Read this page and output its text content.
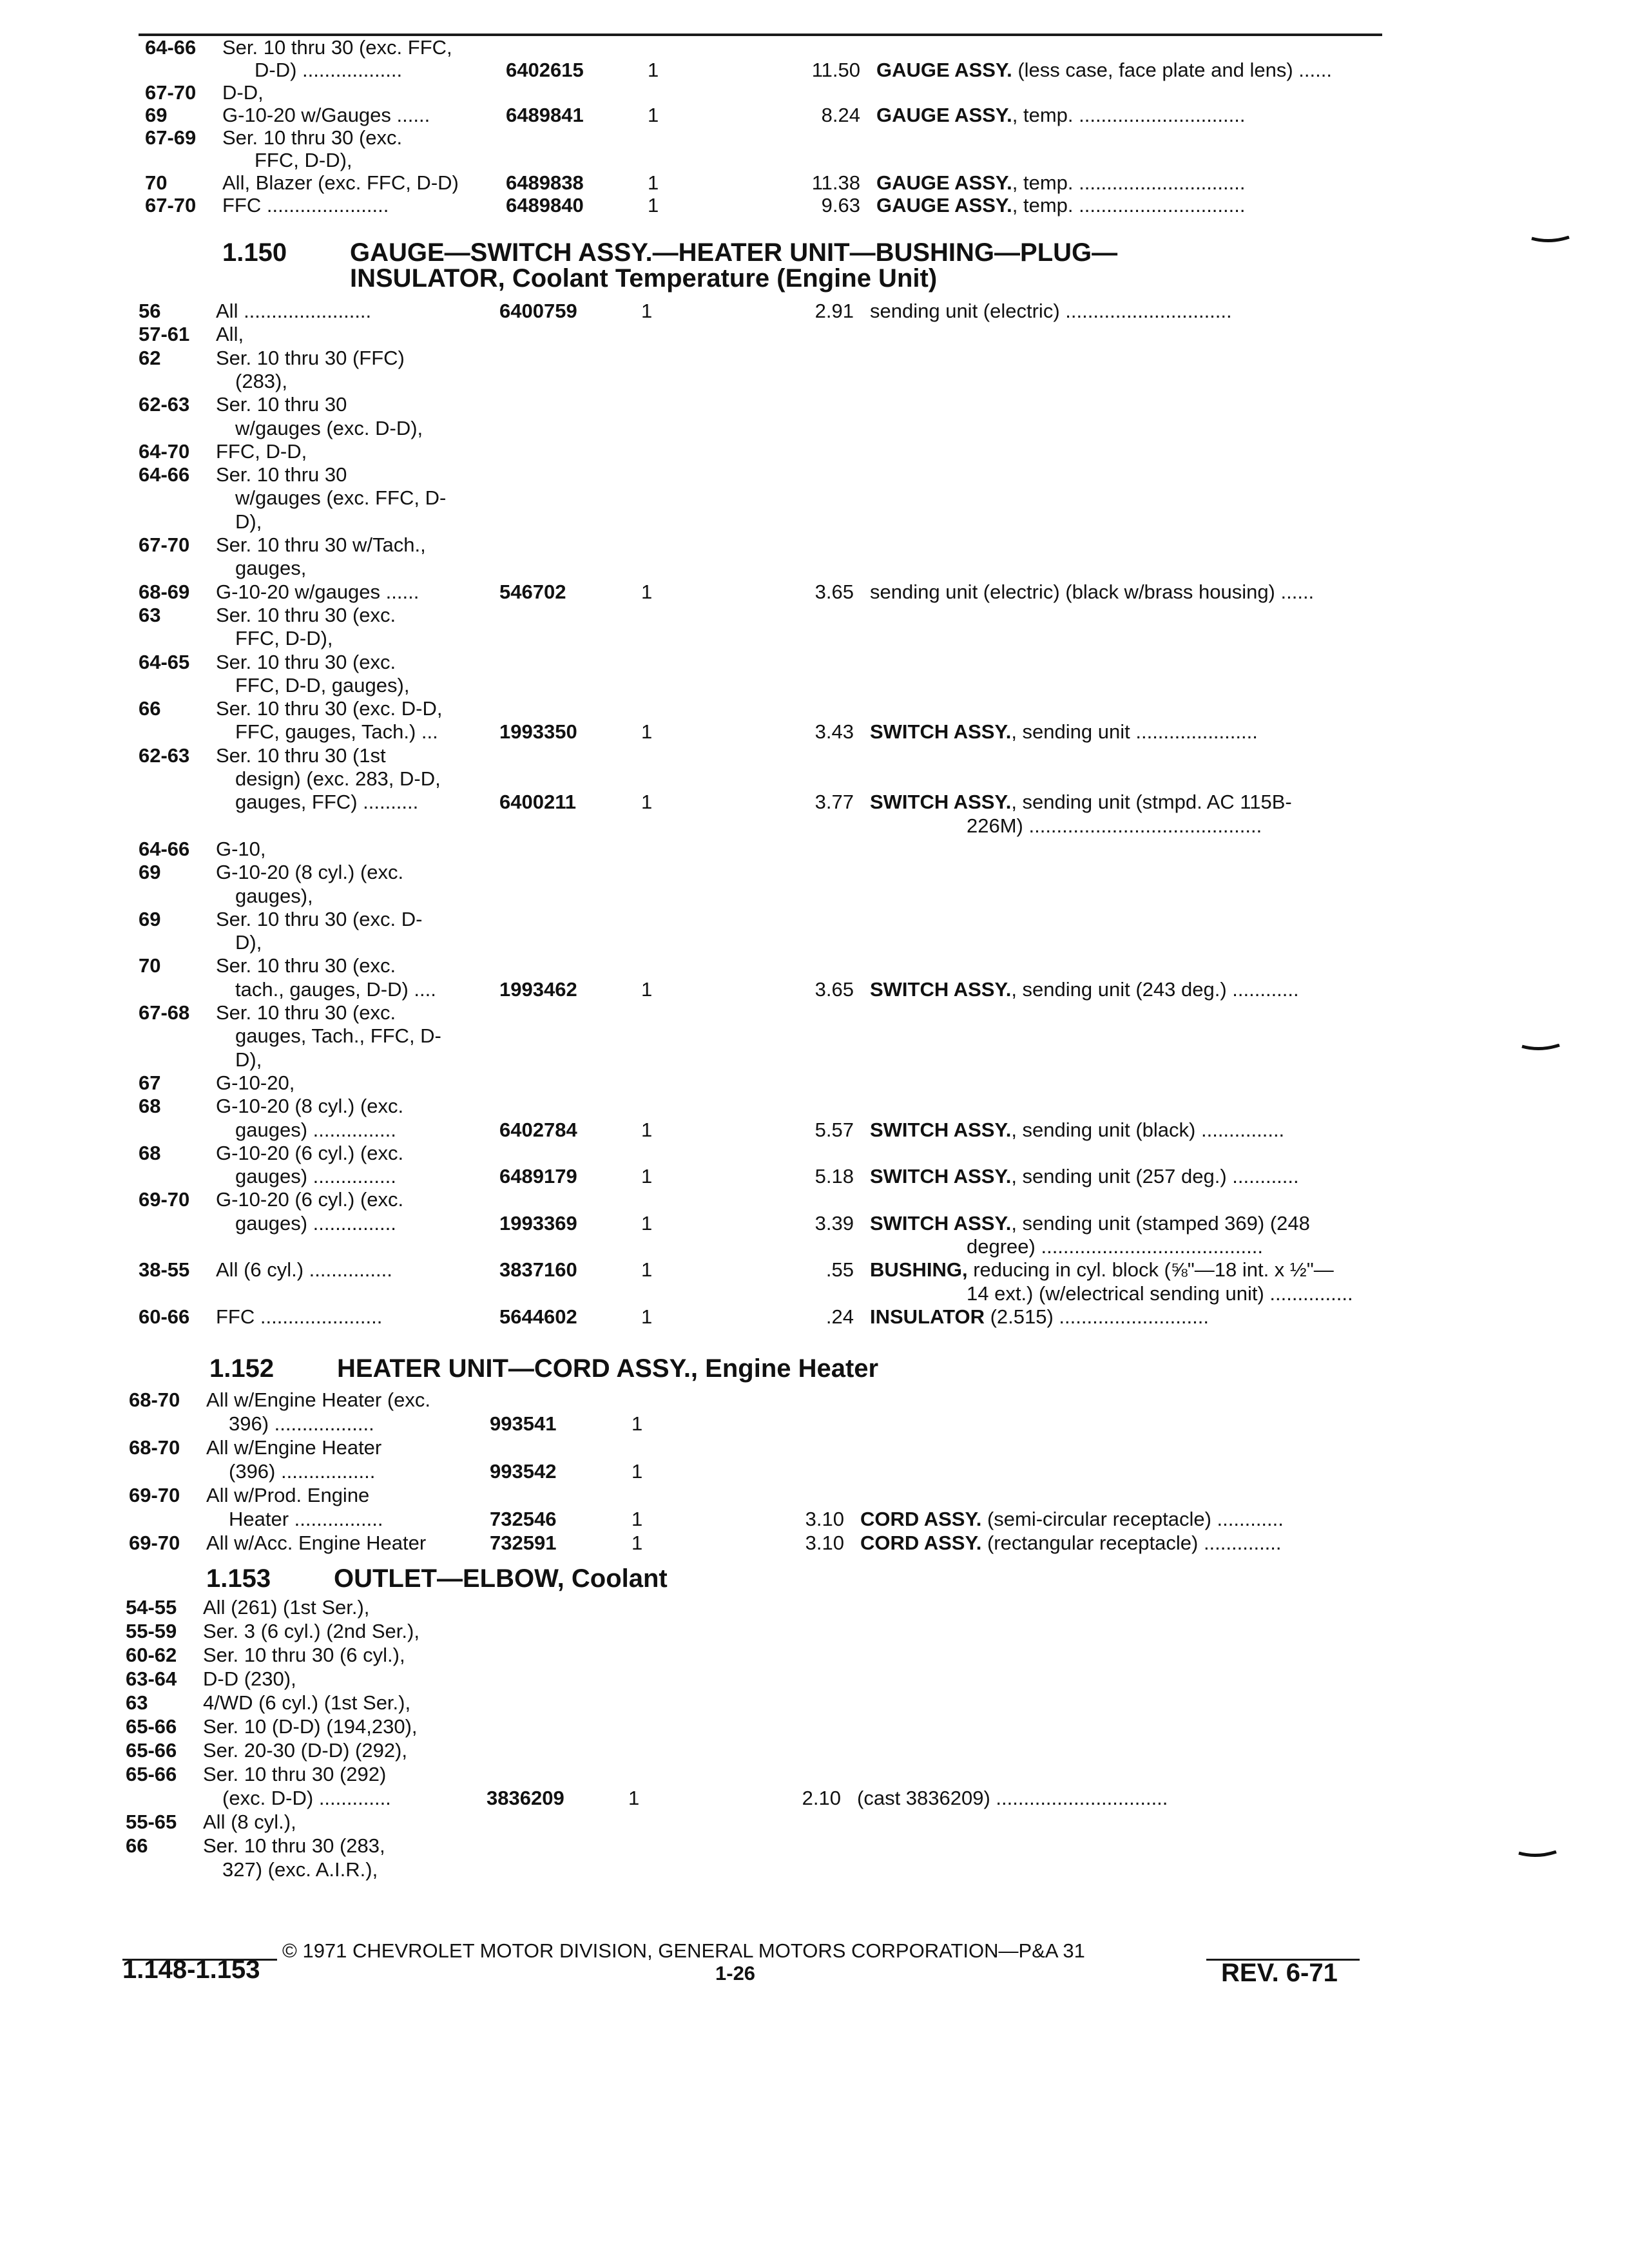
64-66 Ser. 10 thru 30 (exc. FFC,
D-D) ..................	6402615	1	11.50 GAUGE ASSY. (less case, face plate and lens) ......
67-70 D-D,
69	G-10-20 w/Gauges ......	6489841	1	8.24 GAUGE ASSY., temp. ..............................
67-69 Ser. 10 thru 30 (exc.
FFC, D-D),
70	All, Blazer (exc. FFC, D-D) 6489838	1	11.38 GAUGE ASSY., temp. ..............................
67-70 FFC ......................	6489840	1	9.63 GAUGE ASSY., temp. ..............................
1.150 GAUGE—SWITCH ASSY.—HEATER UNIT—BUSHING—PLUG—
INSULATOR, Coolant Temperature (Engine Unit)
56	All .......................	6400759	1	2.91 sending unit (electric) ..............................
57-61 All,
62	Ser. 10 thru 30 (FFC)
(283),
62-63 Ser. 10 thru 30
w/gauges (exc. D-D),
64-70 FFC, D-D,
64-66 Ser. 10 thru 30
w/gauges (exc. FFC, D-
D),
67-70 Ser. 10 thru 30 w/Tach.,
gauges,
68-69 G-10-20 w/gauges ......	546702	1	3.65 sending unit (electric) (black w/brass housing) ......
63	Ser. 10 thru 30 (exc.
FFC, D-D),
64-65 Ser. 10 thru 30 (exc.
FFC, D-D, gauges),
66	Ser. 10 thru 30 (exc. D-D,
FFC, gauges, Tach.) ...	1993350	1	3.43 SWITCH ASSY., sending unit ......................
62-63 Ser. 10 thru 30 (1st
design) (exc. 283, D-D,
gauges, FFC) ..........	6400211	1	3.77 SWITCH ASSY., sending unit (stmpd. AC 115B-
226M) ..........................................
64-66 G-10,
69	G-10-20 (8 cyl.) (exc.
gauges),
69	Ser. 10 thru 30 (exc. D-
D),
70	Ser. 10 thru 30 (exc.
tach., gauges, D-D) ....	1993462	1	3.65 SWITCH ASSY., sending unit (243 deg.) ............
67-68 Ser. 10 thru 30 (exc.
gauges, Tach., FFC, D-
D),
67	G-10-20,
68	G-10-20 (8 cyl.) (exc.
gauges) ...............	6402784	1	5.57 SWITCH ASSY., sending unit (black) ...............
68	G-10-20 (6 cyl.) (exc.
gauges) ...............	6489179	1	5.18 SWITCH ASSY., sending unit (257 deg.) ............
69-70 G-10-20 (6 cyl.) (exc.
gauges) ...............	1993369	1	3.39 SWITCH ASSY., sending unit (stamped 369) (248
degree) ........................................
38-55 All (6 cyl.) ...............	3837160	1	.55 BUSHING, reducing in cyl. block (⅝"—18 int. x ½"—
14 ext.) (w/electrical sending unit) ...............
60-66 FFC ......................	5644602	1	.24 INSULATOR (2.515) ...........................
1.152 HEATER UNIT—CORD ASSY., Engine Heater
68-70 All w/Engine Heater (exc.
396) ..................	993541	1
68-70 All w/Engine Heater
(396) .................	993542	1
69-70 All w/Prod. Engine
Heater ................	732546	1	3.10 CORD ASSY. (semi-circular receptacle) ............
69-70 All w/Acc. Engine Heater	732591	1	3.10 CORD ASSY. (rectangular receptacle) ..............
1.153 OUTLET—ELBOW, Coolant
54-55 All (261) (1st Ser.),
55-59 Ser. 3 (6 cyl.) (2nd Ser.),
60-62 Ser. 10 thru 30 (6 cyl.),
63-64 D-D (230),
63	4/WD (6 cyl.) (1st Ser.),
65-66 Ser. 10 (D-D) (194,230),
65-66 Ser. 20-30 (D-D) (292),
65-66 Ser. 10 thru 30 (292)
(exc. D-D) .............	3836209	1	2.10 (cast 3836209) ...............................
55-65 All (8 cyl.),
66	Ser. 10 thru 30 (283,
327) (exc. A.I.R.),
© 1971 CHEVROLET MOTOR DIVISION, GENERAL MOTORS CORPORATION—P&A 31
1.148-1.153	1-26	REV. 6-71
